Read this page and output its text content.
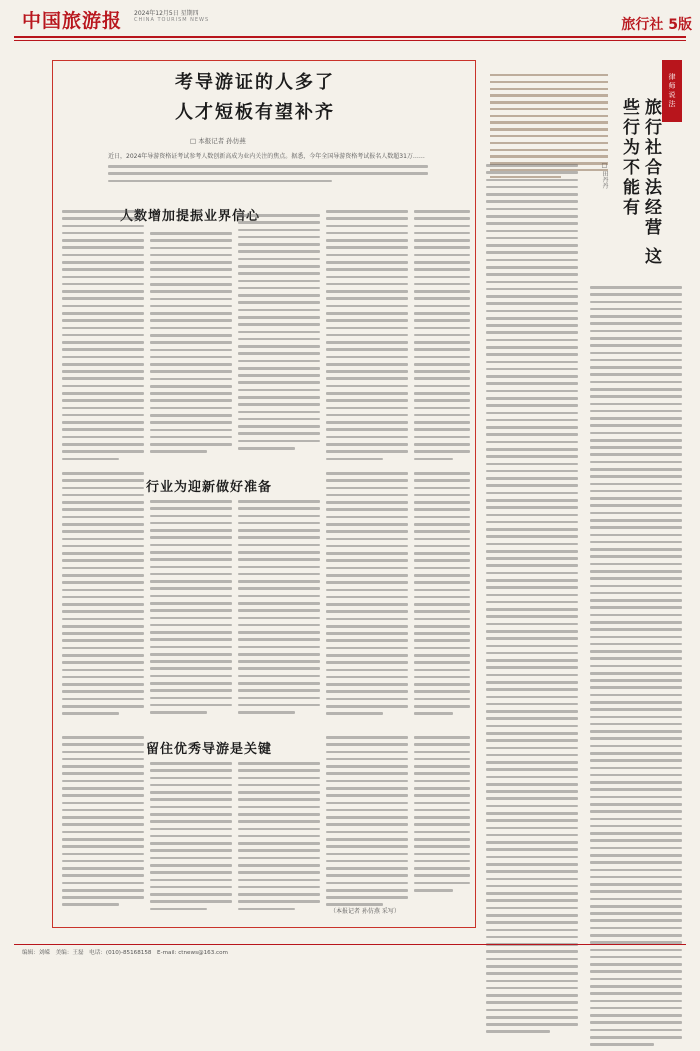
中国旅游报 2024年12月5日 星期四
CHINA TOURISM NEWS	旅行社 5版
考导游证的人多了
人才短板有望补齐
□ 本报记者 孙仿燕
近日，2024年导游资格证考试参考人数创新高成为业内关注的焦点。据悉，今年全国导游资格考试报名人数超31万……
人数增加提振业界信心
行业为迎新做好准备
留住优秀导游是关键
（本报记者 孙仿燕 采写）
律师说法
旅行社合法经营 这些行为不能有
□ 田丹丹
编辑：刘嵘　美编：王磊　电话：(010)-85168158　E-mail: ctnews@163.com
